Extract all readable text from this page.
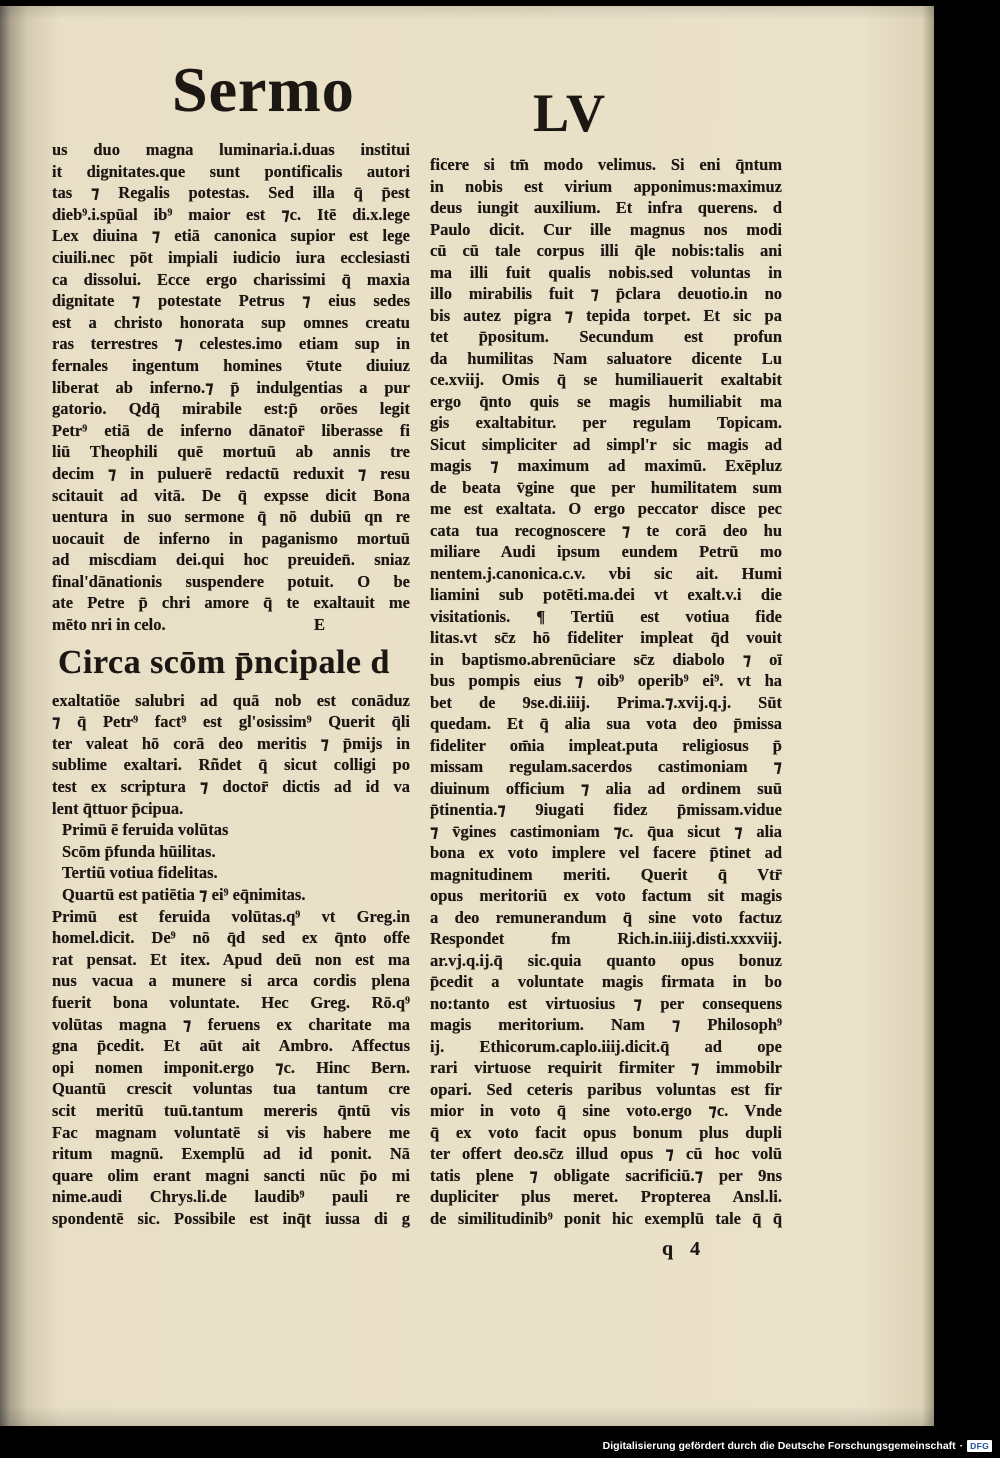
Sermo	LV
us duo magna luminaria.i.duas institui
it dignitates.que sunt pontificalis autori
tas ⁊ Regalis potestas. Sed illa q̄ p̄est
dieb⁹.i.spūal ib⁹ maior est ⁊c. Itē di.x.lege
Lex diuina ⁊ etiā canonica supior est lege
ciuili.nec pōt impiali iudicio iura ecclesiasti
ca dissolui. Ecce ergo charissimi q̄ maxia
dignitate ⁊ potestate Petrus ⁊ eius sedes
est a christo honorata sup omnes creatu
ras terrestres ⁊ celestes.imo etiam sup in
fernales ingentum homines v̄tute diuiuz
liberat ab inferno.⁊ p̄ indulgentias a pur
gatorio. Qdq̄ mirabile est:p̄ orōes legit
Petr⁹ etiā de inferno dānator̄ liberasse fi
liū Theophili quē mortuū ab annis tre
decim ⁊ in puluerē redactū reduxit ⁊ resu
scitauit ad vitā. De q̄ expsse dicit Bona
uentura in suo sermone q̄ nō dubiū qn re
uocauit de inferno in paganismo mortuū
ad miscdiam dei.qui hoc preuiden̄. sniaz
final'dānationis suspendere potuit. O be
ate Petre p̄ chri amore q̄ te exaltauit me
mēto nri in celo.	E
Circa scōm p̄ncipale d
exaltatiōe salubri ad quā nob est conāduz
⁊ q̄ Petr⁹ fact⁹ est gl'osissim⁹ Querit q̄li
ter valeat hō corā deo meritis ⁊ p̄mijs in
sublime exaltari. Rñdet q̄ sicut colligi po
test ex scriptura ⁊ doctor̄ dictis ad id va
lent q̄ttuor p̄cipua.
Primū ē feruida volūtas
Scōm p̄funda hūilitas.
Tertiū votiua fidelitas.
Quartū est patiētia ⁊ ei⁹ eq̄nimitas.
Primū est feruida volūtas.q⁹ vt Greg.in
homel.dicit. De⁹ nō q̄d sed ex q̄nto offe
rat pensat. Et itex. Apud deū non est ma
nus vacua a munere si arca cordis plena
fuerit bona voluntate. Hec Greg. Rō.q⁹
volūtas magna ⁊ feruens ex charitate ma
gna p̄cedit. Et aūt ait Ambro. Affectus
opi nomen imponit.ergo ⁊c. Hinc Bern.
Quantū crescit voluntas tua tantum cre
scit meritū tuū.tantum mereris q̄ntū vis
Fac magnam voluntatē si vis habere me
ritum magnū. Exemplū ad id ponit. Nā
quare olim erant magni sancti nūc p̄o mi
nime.audi Chrys.li.de laudib⁹ pauli re
spondentē sic. Possibile est inq̄t iussa di g
ficere si tm̄ modo velimus. Si eni q̄ntum
in nobis est virium apponimus:maximuz
deus iungit auxilium. Et infra querens. d
Paulo dicit. Cur ille magnus nos modi
cū cū tale corpus illi q̄le nobis:talis ani
ma illi fuit qualis nobis.sed voluntas in
illo mirabilis fuit ⁊ p̄clara deuotio.in no
bis autez pigra ⁊ tepida torpet. Et sic pa
tet p̄positum. Secundum est profun
da humilitas Nam saluatore dicente Lu
ce.xviij. Omis q̄ se humiliauerit exaltabit
ergo q̄nto quis se magis humiliabit ma
gis exaltabitur. per regulam Topicam.
Sicut simpliciter ad simpl'r sic magis ad
magis ⁊ maximum ad maximū. Exēpluz
de beata v̄gine que per humilitatem sum
me est exaltata. O ergo peccator disce pec
cata tua recognoscere ⁊ te corā deo hu
miliare Audi ipsum eundem Petrū mo
nentem.j.canonica.c.v. vbi sic ait. Humi
liamini sub potēti.ma.dei vt exalt.v.i die
visitationis. ¶ Tertiū est votiua fide
litas.vt sc̄z hō fideliter impleat q̄d vouit
in baptismo.abrenūciare sc̄z diabolo ⁊ oī
bus pompis eius ⁊ oib⁹ operib⁹ ei⁹. vt ha
bet de 9se.di.iiij. Prima.⁊.xvij.q.j. Sūt
quedam. Et q̄ alia sua vota deo p̄missa
fideliter om̄ia impleat.puta religiosus p̄
missam regulam.sacerdos castimoniam ⁊
diuinum officium ⁊ alia ad ordinem suū
p̄tinentia.⁊ 9iugati fidez p̄missam.vidue
⁊ v̄gines castimoniam ⁊c. q̄ua sicut ⁊ alia
bona ex voto implere vel facere p̄tinet ad
magnitudinem meriti. Querit q̄ Vtr̄
opus meritoriū ex voto factum sit magis
a deo remunerandum q̄ sine voto factuz
Respondet fm Rich.in.iiij.disti.xxxviij.
ar.vj.q.ij.q̄ sic.quia quanto opus bonuz
p̄cedit a voluntate magis firmata in bo
no:tanto est virtuosius ⁊ per consequens
magis meritorium. Nam ⁊ Philosoph⁹
ij. Ethicorum.caplo.iiij.dicit.q̄ ad ope
rari virtuose requirit firmiter ⁊ immobilr
opari. Sed ceteris paribus voluntas est fir
mior in voto q̄ sine voto.ergo ⁊c. Vnde
q̄ ex voto facit opus bonum plus dupli
ter offert deo.sc̄z illud opus ⁊ cū hoc volū
tatis plene ⁊ obligate sacrificiū.⁊ per 9ns
dupliciter plus meret. Propterea Ansl.li.
de similitudinib⁹ ponit hic exemplū tale q̄ q̄
q 4
Digitalisierung gefördert durch die Deutsche Forschungsgemeinschaft · DFG
